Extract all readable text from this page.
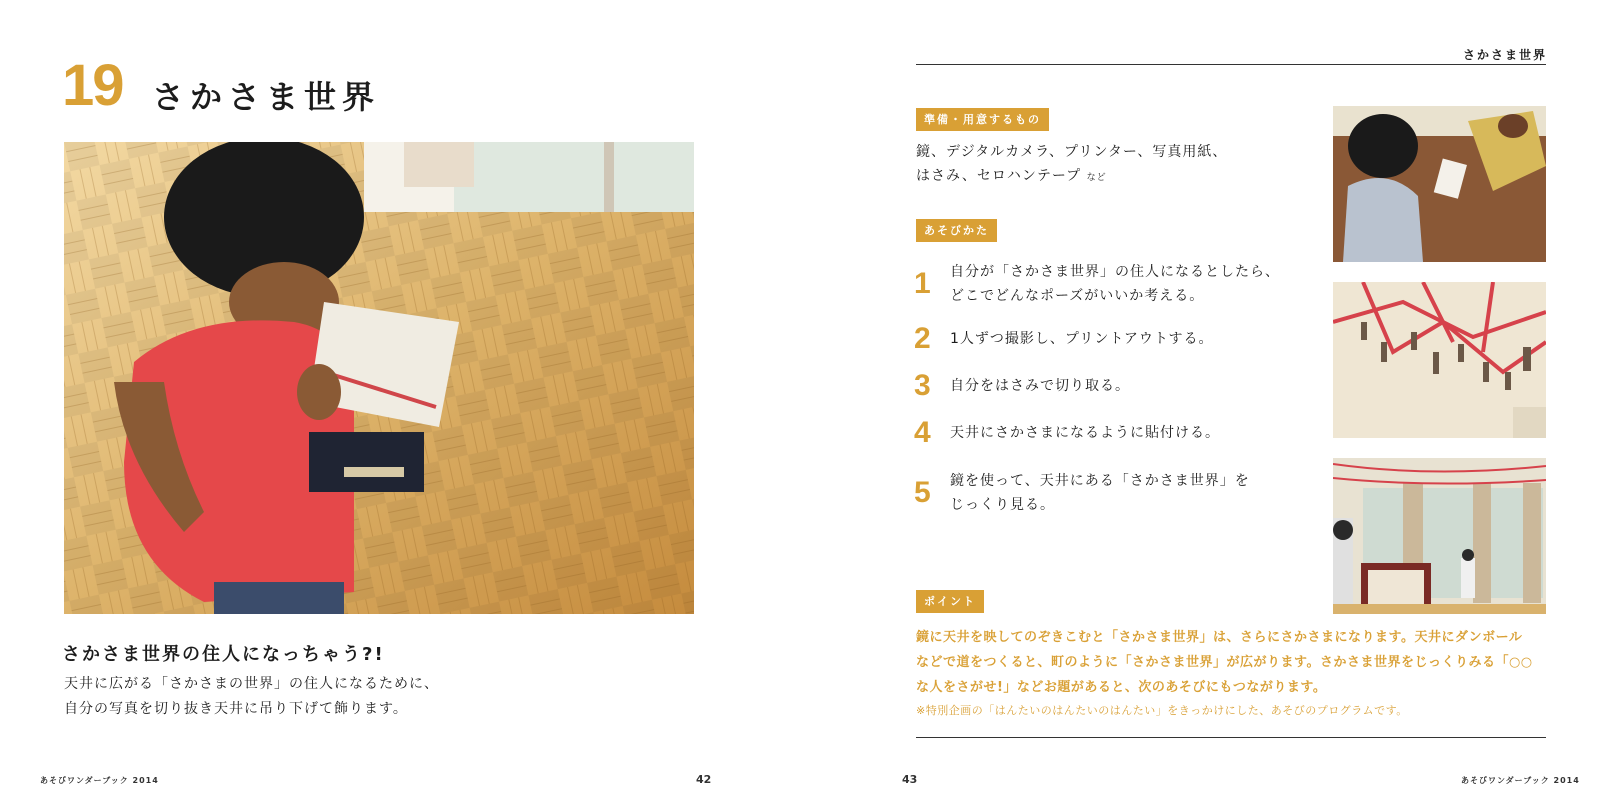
19 さかさま世界
さかさま世界の住人になっちゃう?!
天井に広がる「さかさまの世界」の住人になるために、
自分の写真を切り抜き天井に吊り下げて飾ります。
あそびワンダーブック 2014	42
さかさま世界
準備・用意するもの
鏡、デジタルカメラ、プリンター、写真用紙、
はさみ、セロハンテープ など
あそびかた
1	自分が「さかさま世界」の住人になるとしたら、
どこでどんなポーズがいいか考える。
2	1人ずつ撮影し、プリントアウトする。
3	自分をはさみで切り取る。
4	天井にさかさまになるように貼付ける。
5	鏡を使って、天井にある「さかさま世界」を
じっくり見る。
ポイント
鏡に天井を映してのぞきこむと「さかさま世界」は、さらにさかさまになります。天井にダンボール
などで道をつくると、町のように「さかさま世界」が広がります。さかさま世界をじっくりみる「○○
な人をさがせ!」などお題があると、次のあそびにもつながります。
※特別企画の「はんたいのはんたいのはんたい」をきっかけにした、あそびのプログラムです。
43	あそびワンダーブック 2014
